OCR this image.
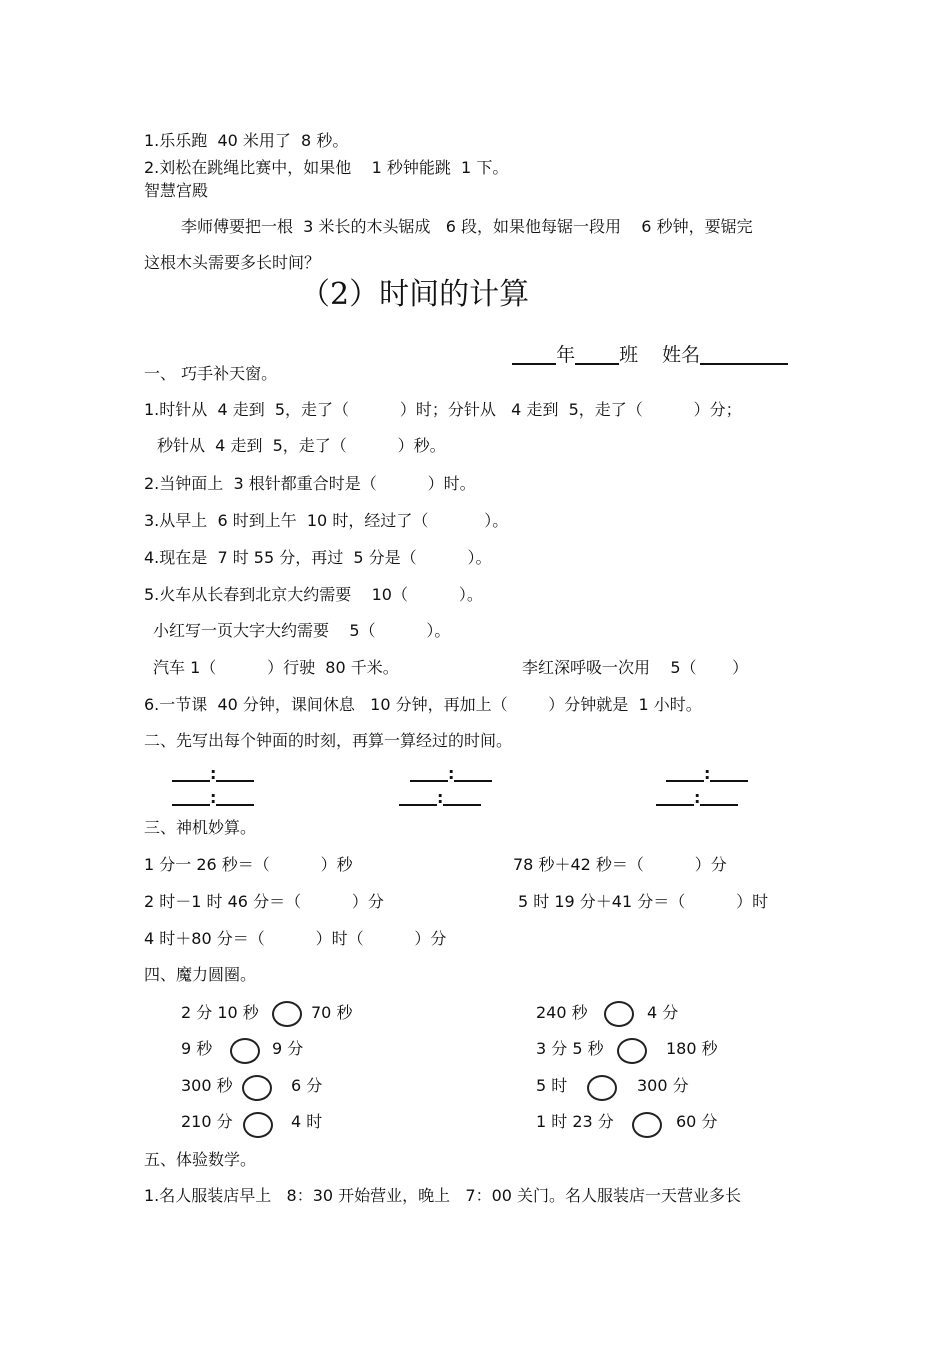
1.乐乐跑  40 米用了  8 秒。
2.刘松在跳绳比赛中，如果他    1 秒钟能跳  1 下。
智慧宫殿
李师傅要把一根  3 米长的木头锯成   6 段，如果他每锯一段用    6 秒钟，要锯完
这根木头需要多长时间？
（2）时间的计算

年 班 姓名

一、 巧手补天窗。
1.时针从  4 走到  5，走了（          ）时；分针从   4 走到  5，走了（          ）分；
秒针从  4 走到  5，走了（          ）秒。
2.当钟面上  3 根针都重合时是（          ）时。
3.从早上  6 时到上午  10 时，经过了（           ）。
4.现在是  7 时 55 分，再过  5 分是（          ）。
5.火车从长春到北京大约需要    10（          ）。
小红写一页大字大约需要    5（          ）。
汽车 1（          ）行驶  80 千米。	李红深呼吸一次用    5（       ）
6.一节课  40 分钟，课间休息   10 分钟，再加上（        ）分钟就是  1 小时。
二、先写出每个钟面的时刻，再算一算经过的时间。
:	:	:
:	:	:
三、神机妙算。
1 分一 26 秒＝（          ）秒	78 秒＋42 秒＝（          ）分
2 时－1 时 46 分＝（          ）分	5 时 19 分＋41 分＝（          ）时
4 时＋80 分＝（          ）时（          ）分
四、魔力圆圈。
2 分 10 秒	70 秒	240 秒	4 分
9 秒	9 分	3 分 5 秒	180 秒
300 秒	6 分	5 时	300 分
210 分	4 时	1 时 23 分	60 分
五、体验数学。
1.名人服装店早上   8：30 开始营业，晚上   7：00 关门。名人服装店一天营业多长
